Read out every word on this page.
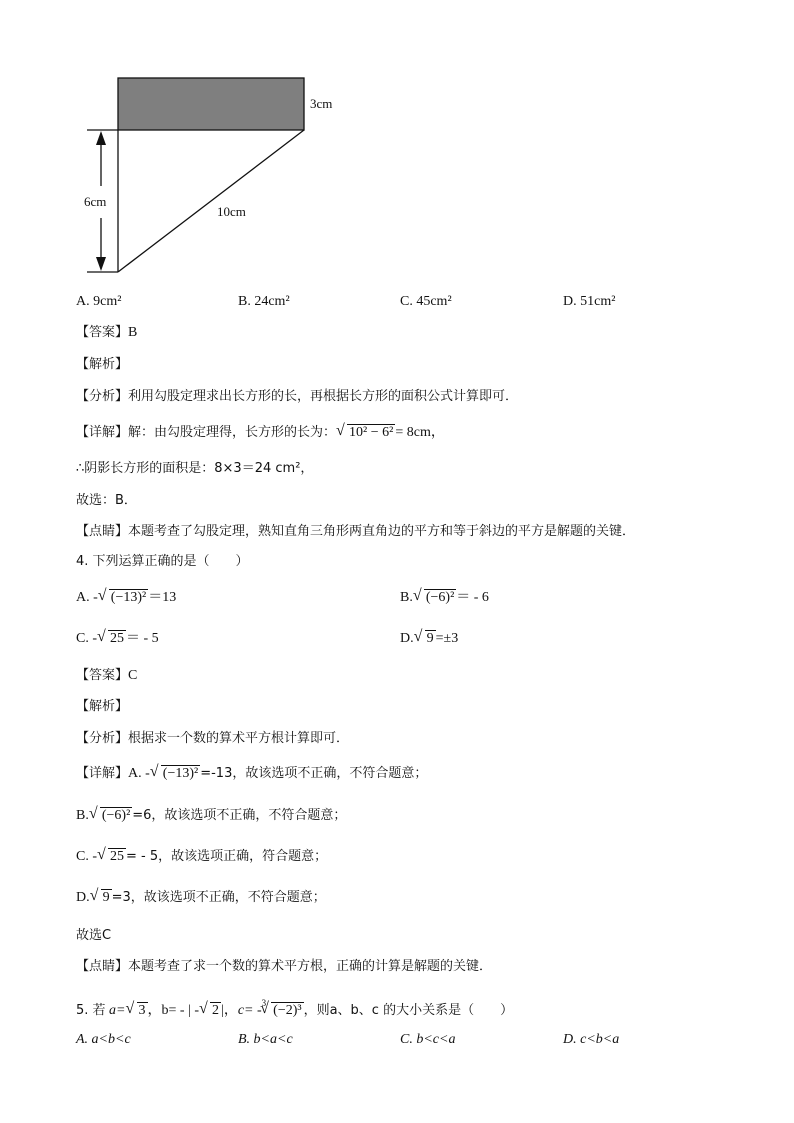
3cm
6cm
10cm
A. 9cm²	B. 24cm²	C. 45cm²	D. 51cm²
【答案】B
【解析】
【分析】利用勾股定理求出长方形的长，再根据长方形的面积公式计算即可．
【详解】解：由勾股定理得，长方形的长为： √ 10² − 6² = 8cm，
∴阴影长方形的面积是：8×3＝24 cm²，
故选：B．
【点睛】本题考查了勾股定理，熟知直角三角形两直角边的平方和等于斜边的平方是解题的关键．
4. 下列运算正确的是（　　）
A. ‑ √ (−13)² ＝13	B. √ (−6)² ＝ ‑ 6
C. ‑ √ 25 ＝ ‑ 5	D. √ 9 =±3
【答案】C
【解析】
【分析】根据求一个数的算术平方根计算即可．
【详解】A. ‑ √ (−13)² =‑13，故该选项不正确，不符合题意；
B. √ (−6)² =6，故该选项不正确，不符合题意；
C. ‑ √ 25 = ‑ 5，故该选项正确，符合题意；
D. √ 9 =3，故该选项不正确，不符合题意；
故选C
【点睛】本题考查了求一个数的算术平方根，正确的计算是解题的关键．
5. 若 a= √ 3 ，b= ‑ | ‑ √ 2 |，c= ‑$^3$ √ (−2)³ ，则a、b、c 的大小关系是（　　）
A. a<b<c	B. b<a<c	C. b<c<a	D. c<b<a
